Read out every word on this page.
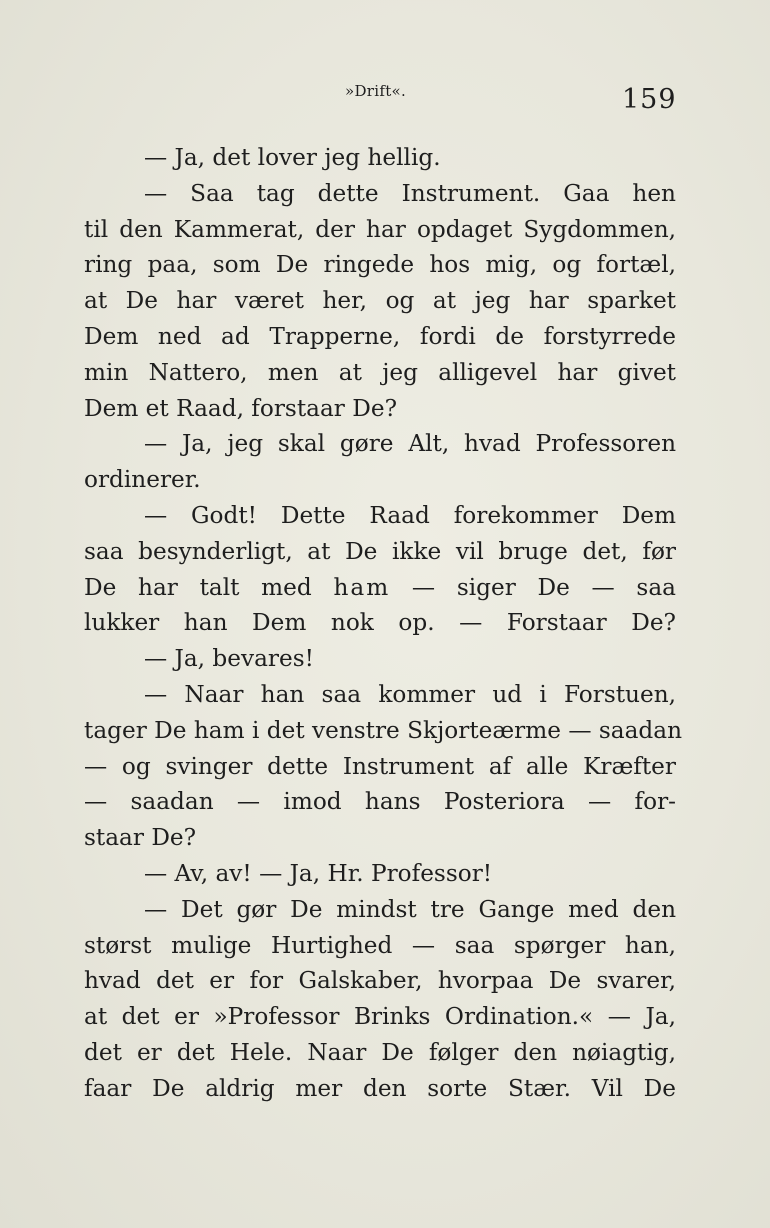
»Drift«.	159
— Ja, det lover jeg hellig.
— Saa tag dette Instrument. Gaa hen
til den Kammerat, der har opdaget Sygdommen,
ring paa, som De ringede hos mig, og fortæl,
at De har været her, og at jeg har sparket
Dem ned ad Trapperne, fordi de forstyrrede
min Nattero, men at jeg alligevel har givet
Dem et Raad, forstaar De?
— Ja, jeg skal gøre Alt, hvad Professoren
ordinerer.
— Godt! Dette Raad forekommer Dem
saa besynderligt, at De ikke vil bruge det, før
De har talt med ham — siger De — saa
lukker han Dem nok op. — Forstaar De?
— Ja, bevares!
— Naar han saa kommer ud i Forstuen,
tager De ham i det venstre Skjorteærme — saadan
— og svinger dette Instrument af alle Kræfter
— saadan — imod hans Posteriora — for-
staar De?
— Av, av! — Ja, Hr. Professor!
— Det gør De mindst tre Gange med den
størst mulige Hurtighed — saa spørger han,
hvad det er for Galskaber, hvorpaa De svarer,
at det er »Professor Brinks Ordination.« — Ja,
det er det Hele. Naar De følger den nøiagtig,
faar De aldrig mer den sorte Stær. Vil De
